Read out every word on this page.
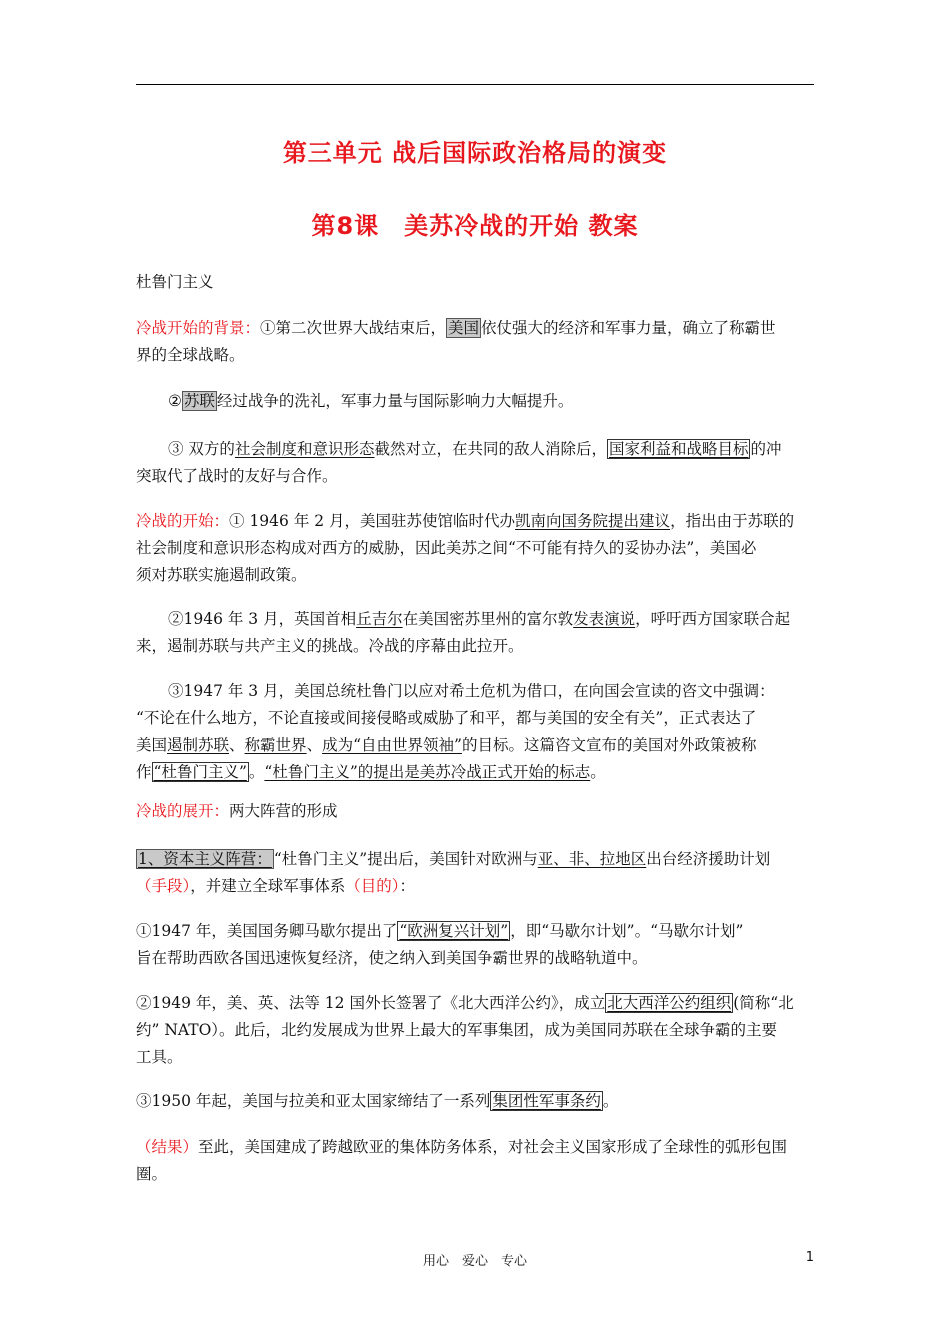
第三单元 战后国际政治格局的演变
第8课　美苏冷战的开始 教案
杜鲁门主义
冷战开始的背景：①第二次世界大战结束后， 美国 依仗强大的经济和军事力量，确立了称霸世
界的全球战略。
② 苏联 经过战争的洗礼，军事力量与国际影响力大幅提升。
③ 双方的社会制度和意识形态截然对立，在共同的敌人消除后， 国家利益和战略目标 的冲
突取代了战时的友好与合作。
冷战的开始：① 1946 年 2 月，美国驻苏使馆临时代办凯南向国务院提出建议，指出由于苏联的
社会制度和意识形态构成对西方的威胁，因此美苏之间“不可能有持久的妥协办法”，美国必
须对苏联实施遏制政策。
②1946 年 3 月，英国首相丘吉尔在美国密苏里州的富尔敦发表演说，呼吁西方国家联合起
来，遏制苏联与共产主义的挑战。冷战的序幕由此拉开。
③1947 年 3 月，美国总统杜鲁门以应对希土危机为借口，在向国会宣读的咨文中强调：
“不论在什么地方，不论直接或间接侵略或威胁了和平，都与美国的安全有关”，正式表达了
美国遏制苏联、称霸世界、成为“自由世界领袖”的目标。这篇咨文宣布的美国对外政策被称
作 “杜鲁门主义” 。“杜鲁门主义”的提出是美苏冷战正式开始的标志。
冷战的展开：两大阵营的形成
1、资本主义阵营： “杜鲁门主义”提出后，美国针对欧洲与亚、非、拉地区出台经济援助计划
（手段），并建立全球军事体系（目的）：
①1947 年，美国国务卿马歇尔提出了 “欧洲复兴计划” ，即“马歇尔计划”。“马歇尔计划”
旨在帮助西欧各国迅速恢复经济，使之纳入到美国争霸世界的战略轨道中。
②1949 年，美、英、法等 12 国外长签署了《北大西洋公约》，成立 北大西洋公约组织 (简称“北
约” NATO）。此后，北约发展成为世界上最大的军事集团，成为美国同苏联在全球争霸的主要
工具。
③1950 年起，美国与拉美和亚太国家缔结了一系列 集团性军事条约 。
（结果）至此，美国建成了跨越欧亚的集体防务体系，对社会主义国家形成了全球性的弧形包围
圈。
用心　爱心　专心	1
